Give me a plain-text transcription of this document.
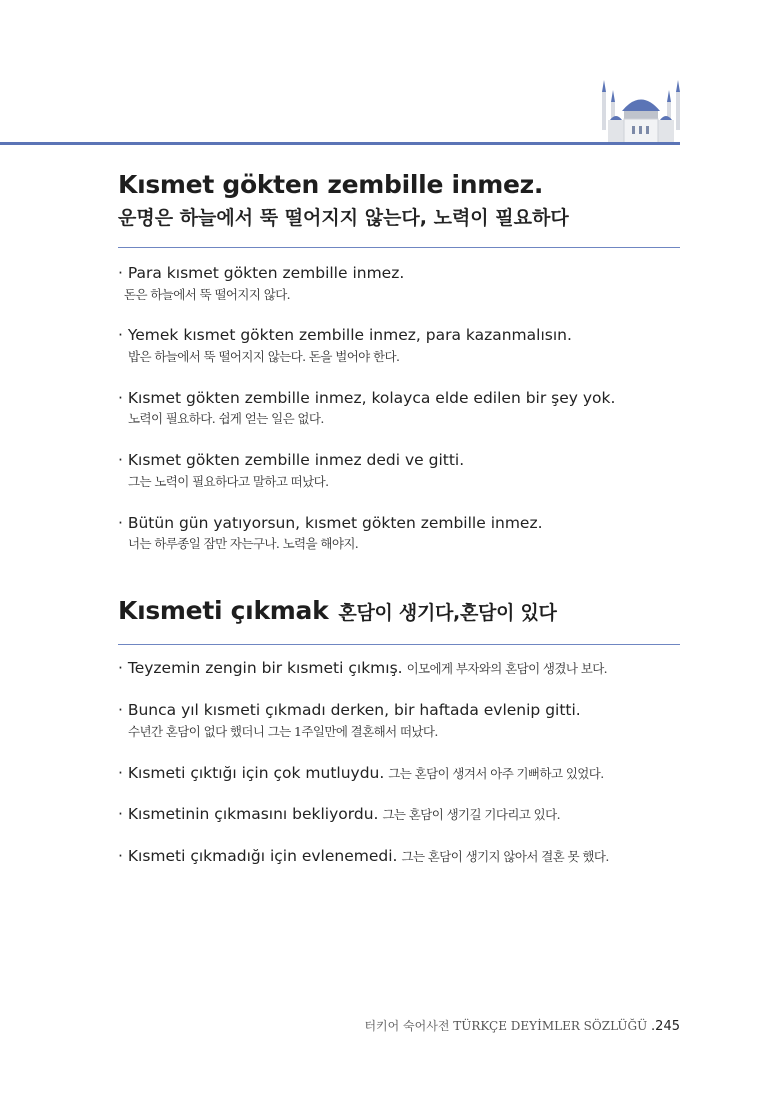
Kısmet gökten zembille inmez.
운명은 하늘에서 뚝 떨어지지 않는다, 노력이 필요하다
· Para kısmet gökten zembille inmez.
돈은 하늘에서 뚝 떨어지지 않다.
· Yemek kısmet gökten zembille inmez, para kazanmalısın.
밥은 하늘에서 뚝 떨어지지 않는다. 돈을 벌어야 한다.
· Kısmet gökten zembille inmez, kolayca elde edilen bir şey yok.
노력이 필요하다. 쉽게 얻는 일은 없다.
· Kısmet gökten zembille inmez dedi ve gitti.
그는 노력이 필요하다고 말하고 떠났다.
· Bütün gün yatıyorsun, kısmet gökten zembille inmez.
너는 하루종일 잠만 자는구나. 노력을 해야지.
Kısmeti çıkmak 혼담이 생기다,혼담이 있다
· Teyzemin zengin bir kısmeti çıkmış. 이모에게 부자와의 혼담이 생겼나 보다.
· Bunca yıl kısmeti çıkmadı derken, bir haftada evlenip gitti.
수년간 혼담이 없다 했더니 그는 1주일만에 결혼해서 떠났다.
· Kısmeti çıktığı için çok mutluydu. 그는 혼담이 생겨서 아주 기뻐하고 있었다.
· Kısmetinin çıkmasını bekliyordu. 그는 혼담이 생기길 기다리고 있다.
· Kısmeti çıkmadığı için evlenemedi. 그는 혼담이 생기지 않아서 결혼 못 했다.
터키어 숙어사전 TÜRKÇE DEYİMLER SÖZLÜĞÜ .245
